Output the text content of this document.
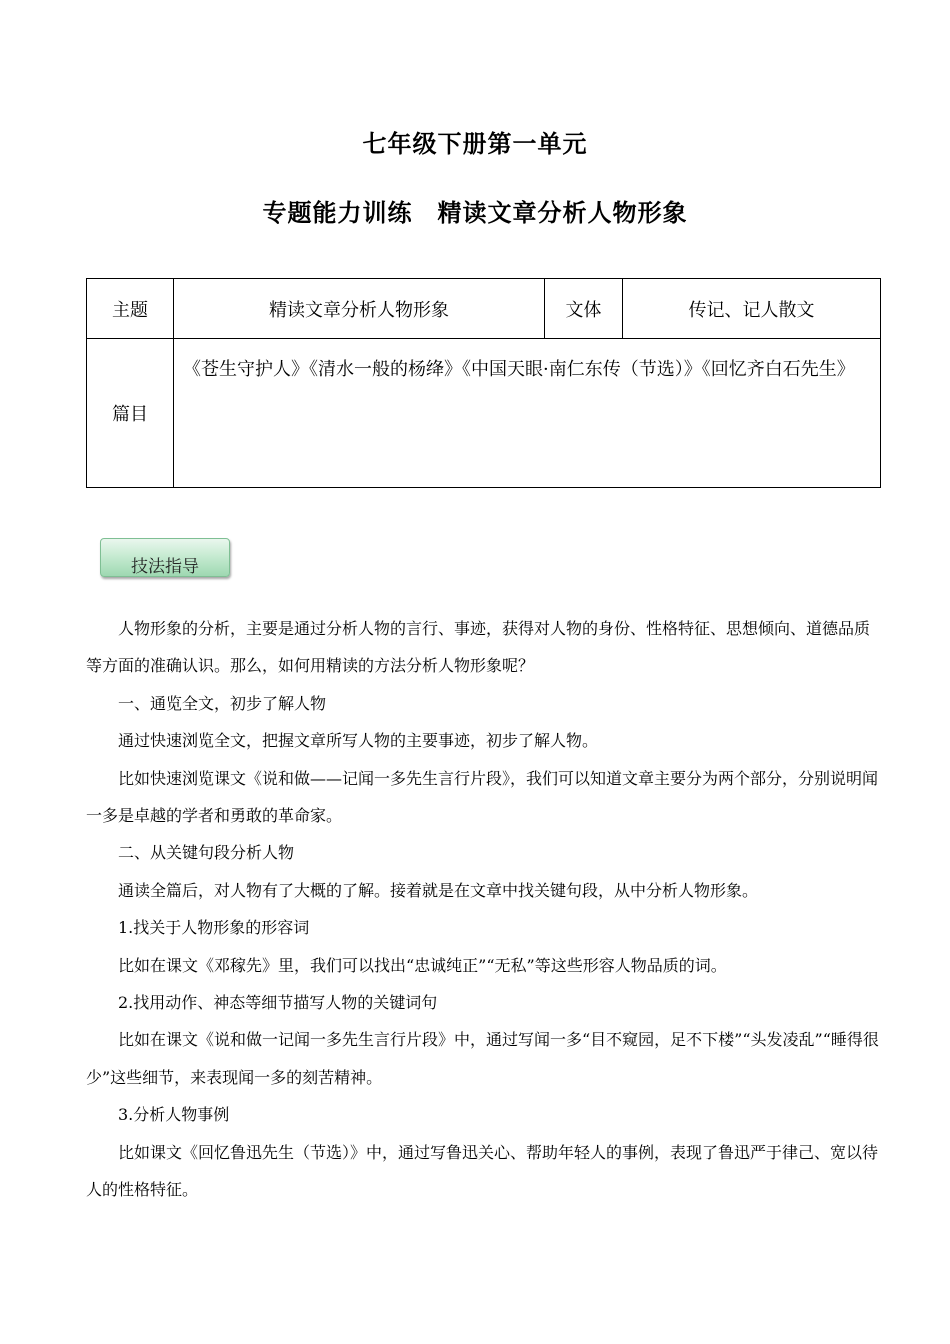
七年级下册第一单元
专题能力训练　精读文章分析人物形象
主题	精读文章分析人物形象	文体	传记、记人散文
篇目	《苍生守护人》《清水一般的杨绛》《中国天眼·南仁东传（节选）》《回忆齐白石先生》		
技法指导

人物形象的分析，主要是通过分析人物的言行、事迹，获得对人物的身份、性格特征、思想倾向、道德品质等方面的准确认识。那么，如何用精读的方法分析人物形象呢？

一、通览全文，初步了解人物

通过快速浏览全文，把握文章所写人物的主要事迹，初步了解人物。

比如快速浏览课文《说和做——记闻一多先生言行片段》，我们可以知道文章主要分为两个部分，分别说明闻一多是卓越的学者和勇敢的革命家。

二、从关键句段分析人物

通读全篇后，对人物有了大概的了解。接着就是在文章中找关键句段，从中分析人物形象。

1.找关于人物形象的形容词

比如在课文《邓稼先》里，我们可以找出“忠诚纯正”“无私”等这些形容人物品质的词。

2.找用动作、神态等细节描写人物的关键词句

比如在课文《说和做一记闻一多先生言行片段》中，通过写闻一多“目不窥园，足不下楼”“头发凌乱”“睡得很少”这些细节，来表现闻一多的刻苦精神。

3.分析人物事例

比如课文《回忆鲁迅先生（节选）》中，通过写鲁迅关心、帮助年轻人的事例，表现了鲁迅严于律己、宽以待人的性格特征。
